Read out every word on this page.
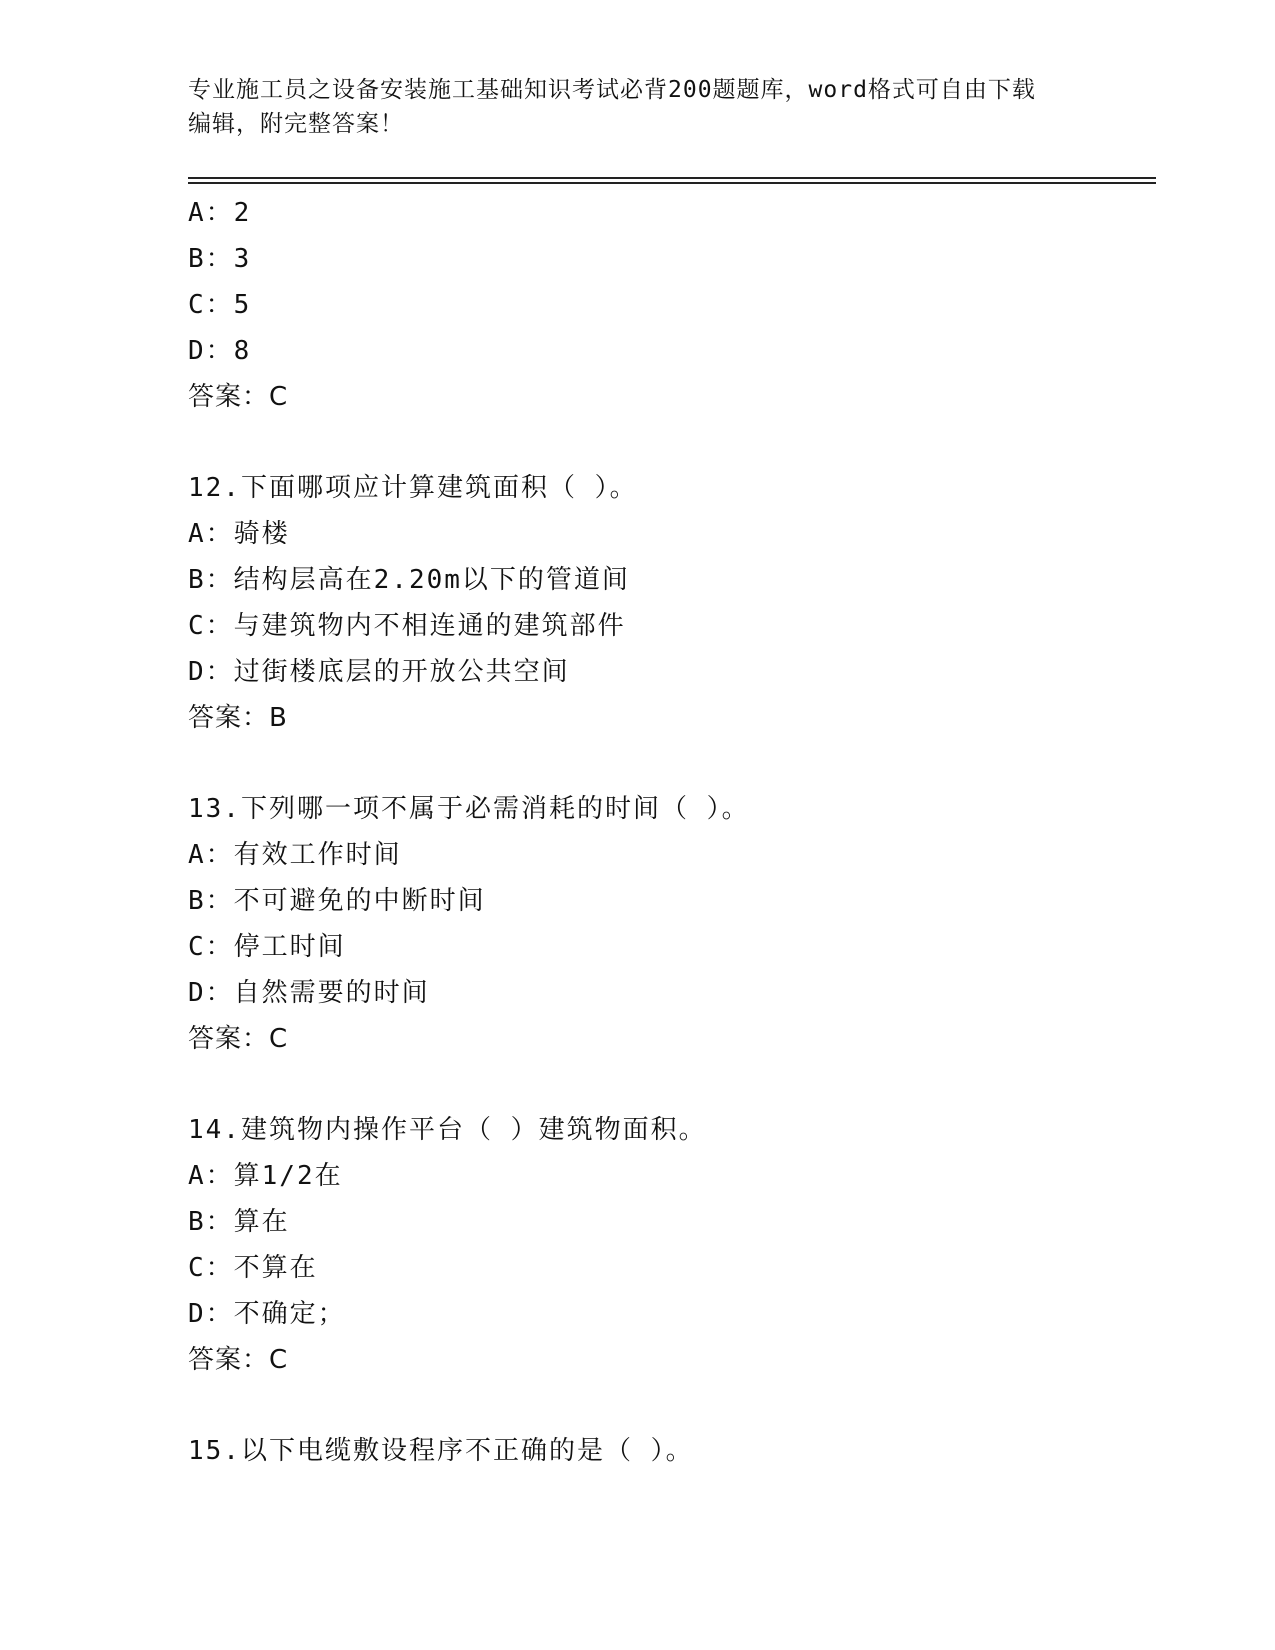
专业施工员之设备安装施工基础知识考试必背200题题库，word格式可自由下载
编辑，附完整答案！
A：2
B：3
C：5
D：8
答案：C
12.下面哪项应计算建筑面积（ ）。
A：骑楼
B：结构层高在2.20m以下的管道间
C：与建筑物内不相连通的建筑部件
D：过街楼底层的开放公共空间
答案：B
13.下列哪一项不属于必需消耗的时间（ ）。
A：有效工作时间
B：不可避免的中断时间
C：停工时间
D：自然需要的时间
答案：C
14.建筑物内操作平台（ ）建筑物面积。
A：算1/2在
B：算在
C：不算在
D：不确定；
答案：C
15.以下电缆敷设程序不正确的是（ ）。
